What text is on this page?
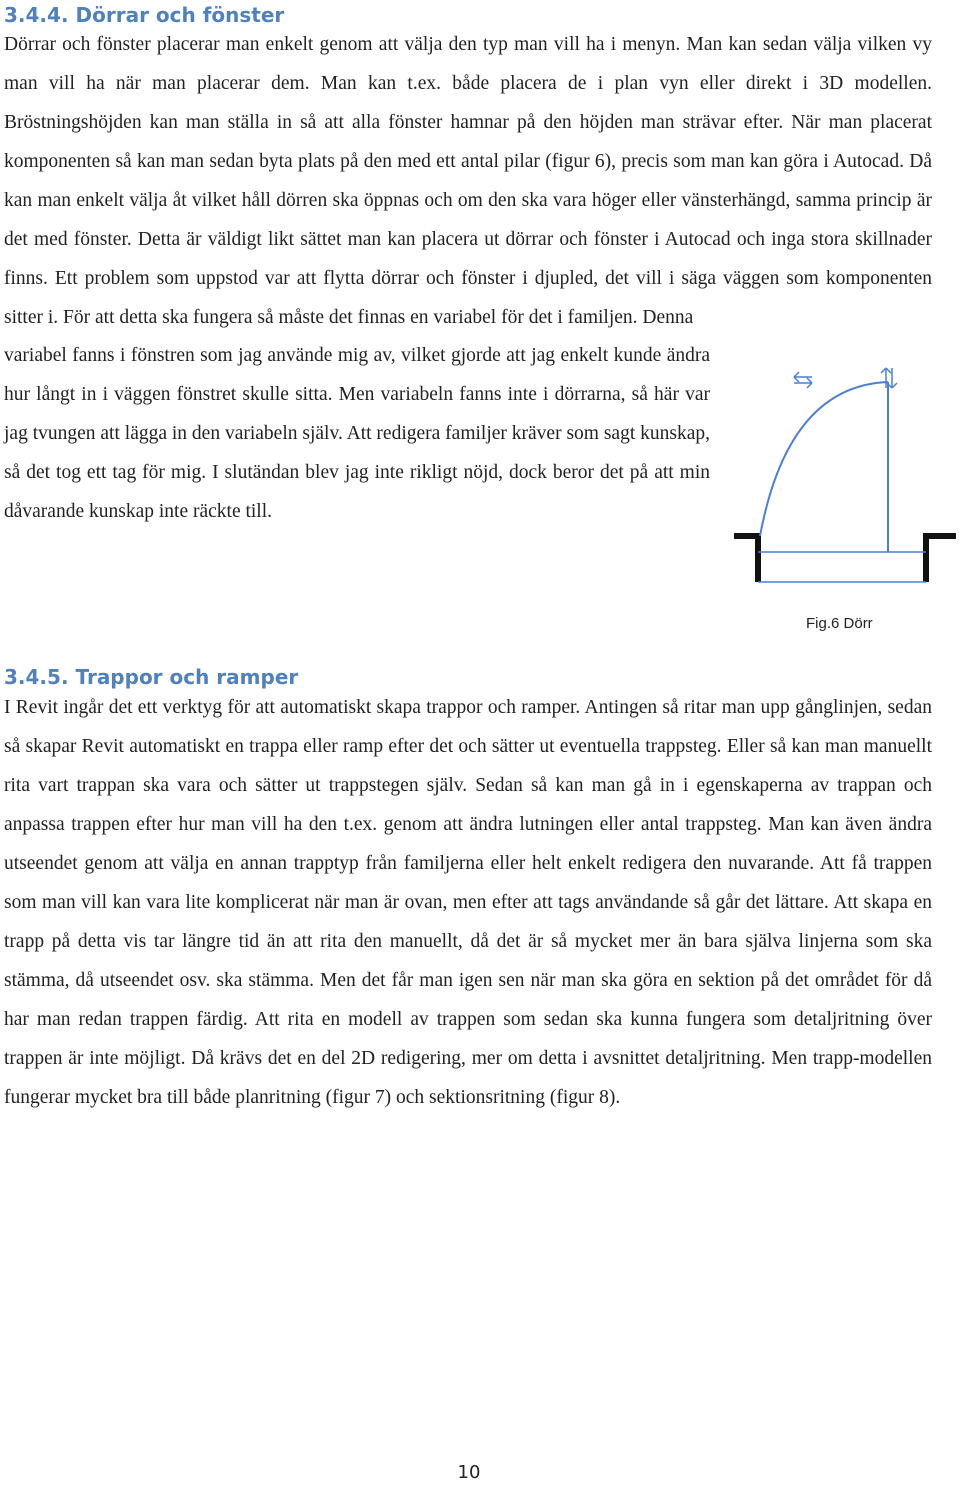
3.4.4. Dörrar och fönster

Dörrar och fönster placerar man enkelt genom att välja den typ man vill ha i menyn. Man kan sedan välja vilken vy man vill ha när man placerar dem. Man kan t.ex. både placera de i plan vyn eller direkt i 3D modellen. Bröstningshöjden kan man ställa in så att alla fönster hamnar på den höjden man strävar efter. När man placerat komponenten så kan man sedan byta plats på den med ett antal pilar (figur 6), precis som man kan göra i Autocad. Då kan man enkelt välja åt vilket håll dörren ska öppnas och om den ska vara höger eller vänsterhängd, samma princip är det med fönster. Detta är väldigt likt sättet man kan placera ut dörrar och fönster i Autocad och inga stora skillnader finns. Ett problem som uppstod var att flytta dörrar och fönster i djupled, det vill i säga väggen som komponenten sitter i. För att detta ska fungera så måste det finnas en variabel för det i familjen. Denna

variabel fanns i fönstren som jag använde mig av, vilket gjorde att jag enkelt kunde ändra hur långt in i väggen fönstret skulle sitta. Men variabeln fanns inte i dörrarna, så här var jag tvungen att lägga in den variabeln själv. Att redigera familjer kräver som sagt kunskap, så det tog ett tag för mig. I slutändan blev jag inte rikligt nöjd, dock beror det på att min dåvarande kunskap inte räckte till.

Fig.6 Dörr
3.4.5. Trappor och ramper

I Revit ingår det ett verktyg för att automatiskt skapa trappor och ramper. Antingen så ritar man upp gånglinjen, sedan så skapar Revit automatiskt en trappa eller ramp efter det och sätter ut eventuella trappsteg. Eller så kan man manuellt rita vart trappan ska vara och sätter ut trappstegen själv. Sedan så kan man gå in i egenskaperna av trappan och anpassa trappen efter hur man vill ha den t.ex. genom att ändra lutningen eller antal trappsteg. Man kan även ändra utseendet genom att välja en annan trapptyp från familjerna eller helt enkelt redigera den nuvarande. Att få trappen som man vill kan vara lite komplicerat när man är ovan, men efter att tags användande så går det lättare. Att skapa en trapp på detta vis tar längre tid än att rita den manuellt, då det är så mycket mer än bara själva linjerna som ska stämma, då utseendet osv. ska stämma. Men det får man igen sen när man ska göra en sektion på det området för då har man redan trappen färdig. Att rita en modell av trappen som sedan ska kunna fungera som detaljritning över trappen är inte möjligt. Då krävs det en del 2D redigering, mer om detta i avsnittet detaljritning. Men trapp-modellen fungerar mycket bra till både planritning (figur 7) och sektionsritning (figur 8).

10
